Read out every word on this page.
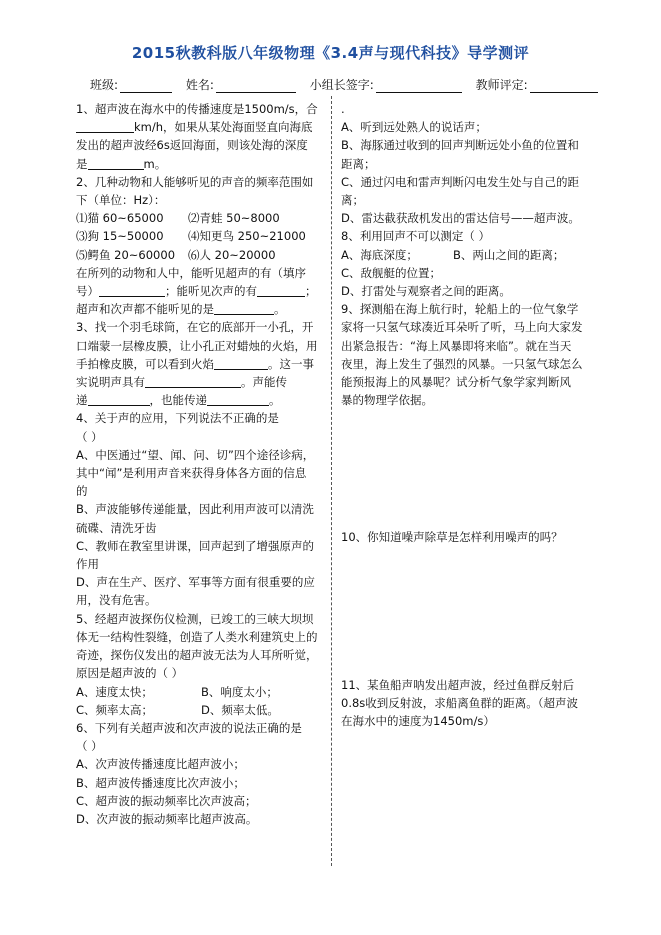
2015秋教科版八年级物理《3.4声与现代科技》导学测评
班级:	姓名:	小组长签字:	教师评定:

1、超声波在海水中的传播速度是1500m/s，合
km/h，如果从某处海面竖直向海底
发出的超声波经6s返回海面，则该处海的深度
是	m。

2、几种动物和人能够听见的声音的频率范围如
下（单位：Hz）：

⑴猫 60~65000	⑵青蛙 50~8000
⑶狗 15~50000	⑷知更鸟 250~21000
⑸鳄鱼 20~60000	⑹人 20~20000

在所列的动物和人中，能听见超声的有（填序
号）	；能听见次声的有	；
超声和次声都不能听见的是	。

3、找一个羽毛球筒，在它的底部开一小孔，开
口端蒙一层橡皮膜，让小孔正对蜡烛的火焰，用
手拍橡皮膜，可以看到火焰	。这一事
实说明声具有	。声能传
递	，也能传递	。

4、关于声的应用，下列说法不正确的是
（ ）
A、中医通过“望、闻、问、切”四个途径诊病，
其中“闻”是利用声音来获得身体各方面的信息
的
B、声波能够传递能量，因此利用声波可以清洗
硫碟、清洗牙齿
C、教师在教室里讲课，回声起到了增强原声的
作用
D、声在生产、医疗、军事等方面有很重要的应
用，没有危害。

5、经超声波探伤仪检测，已竣工的三峡大坝坝
体无一结构性裂缝，创造了人类水利建筑史上的
奇迹，探伤仪发出的超声波无法为人耳所听觉，
原因是超声波的（ ）

A、速度太快；	B、响度太小；
C、频率太高；	D、频率太低。

6、下列有关超声波和次声波的说法正确的是
（ ）
A、次声波传播速度比超声波小；
B、超声波传播速度比次声波小；
C、超声波的振动频率比次声波高；
D、次声波的振动频率比超声波高。

.

A、听到远处熟人的说话声；
B、海豚通过收到的回声判断远处小鱼的位置和
距离；
C、通过闪电和雷声判断闪电发生处与自己的距
离；
D、雷达截获敌机发出的雷达信号——超声波。

8、利用回声不可以测定（ ）

A、海底深度；	B、两山之间的距离；

C、敌舰艇的位置；
D、打雷处与观察者之间的距离。

9、探测船在海上航行时，轮船上的一位气象学
家将一只氢气球凑近耳朵听了听，马上向大家发
出紧急报告：“海上风暴即将来临”。就在当天
夜里，海上发生了强烈的风暴。一只氢气球怎么
能预报海上的风暴呢？试分析气象学家判断风
暴的物理学依据。

10、你知道噪声除草是怎样利用噪声的吗？
11、某鱼船声呐发出超声波，经过鱼群反射后
0.8s收到反射波，求船离鱼群的距离。（超声波
在海水中的速度为1450m/s）
